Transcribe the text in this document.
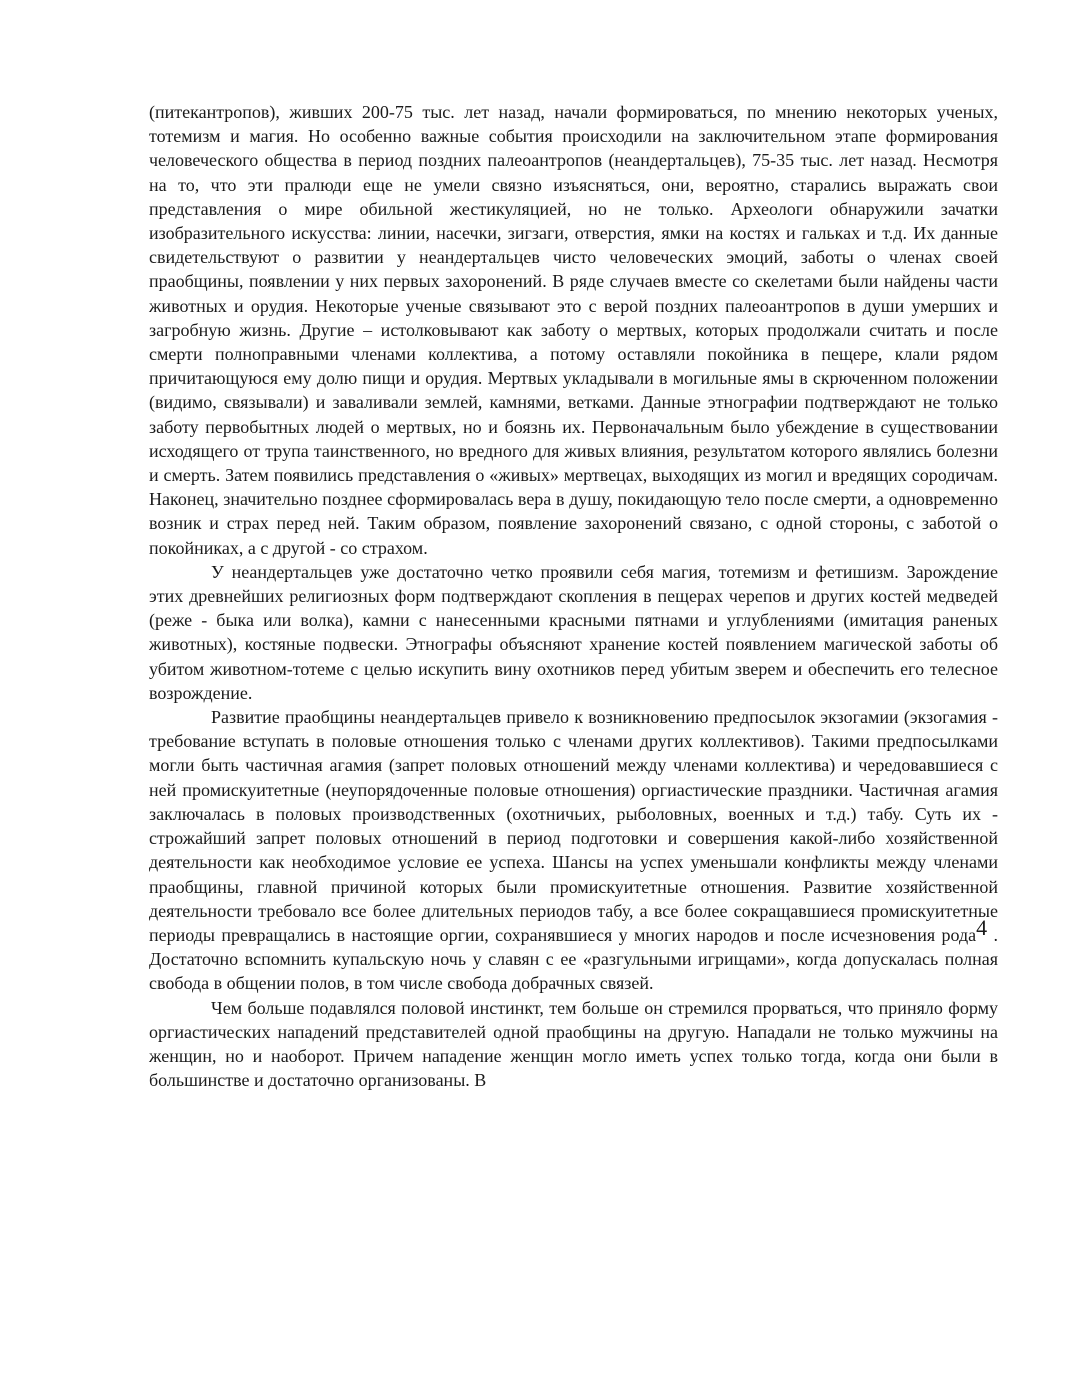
(питекантропов), живших 200-75 тыс. лет назад, начали формироваться, по мнению некоторых ученых, тотемизм и магия. Но особенно важные события происходили на заключительном этапе формирования человеческого общества в период поздних палеоантропов (неандертальцев), 75-35 тыс. лет назад. Несмотря на то, что эти пралюди еще не умели связно изъясняться, они, вероятно, старались выражать свои представления о мире обильной жестикуляцией, но не только. Археологи обнаружили зачатки изобразительного искусства: линии, насечки, зигзаги, отверстия, ямки на костях и гальках и т.д. Их данные свидетельствуют о развитии у неандертальцев чисто человеческих эмоций, заботы о членах своей праобщины, появлении у них первых захоронений. В ряде случаев вместе со скелетами были найдены части животных и орудия. Некоторые ученые связывают это с верой поздних палеоантропов в души умерших и загробную жизнь. Другие – истолковывают как заботу о мертвых, которых продолжали считать и после смерти полноправными членами коллектива, а потому оставляли покойника в пещере, клали рядом причитающуюся ему долю пищи и орудия. Мертвых укладывали в могильные ямы в скрюченном положении (видимо, связывали) и заваливали землей, камнями, ветками. Данные этнографии подтверждают не только заботу первобытных людей о мертвых, но и боязнь их. Первоначальным было убеждение в существовании исходящего от трупа таинственного, но вредного для живых влияния, результатом которого являлись болезни и смерть. Затем появились представления о «живых» мертвецах, выходящих из могил и вредящих сородичам. Наконец, значительно позднее сформировалась вера в душу, покидающую тело после смерти, а одновременно возник и страх перед ней. Таким образом, появление захоронений связано, с одной стороны, с заботой о покойниках, а с другой - со страхом.

У неандертальцев уже достаточно четко проявили себя магия, тотемизм и фетишизм. Зарождение этих древнейших религиозных форм подтверждают скопления в пещерах черепов и других костей медведей (реже - быка или волка), камни с нанесенными красными пятнами и углублениями (имитация раненых животных), костяные подвески. Этнографы объясняют хранение костей появлением магической заботы об убитом животном-тотеме с целью искупить вину охотников перед убитым зверем и обеспечить его телесное возрождение.

Развитие праобщины неандертальцев привело к возникновению предпосылок экзогамии (экзогамия - требование вступать в половые отношения только с членами других коллективов). Такими предпосылками могли быть частичная агамия (запрет половых отношений между членами коллектива) и чередовавшиеся с ней промискуитетные (неупорядоченные половые отношения) оргиастические праздники. Частичная агамия заключалась в половых производственных (охотничьих, рыболовных, военных и т.д.) табу. Суть их - строжайший запрет половых отношений в период подготовки и совершения какой-либо хозяйственной деятельности как необходимое условие ее успеха. Шансы на успех уменьшали конфликты между членами праобщины, главной причиной которых были промискуитетные отношения. Развитие хозяйственной деятельности требовало все более длительных периодов табу, а все более сокращавшиеся промискуитетные периоды превращались в настоящие оргии, сохранявшиеся у многих народов и после исчезновения рода4 . Достаточно вспомнить купальскую ночь у славян с ее «разгульными игрищами», когда допускалась полная свобода в общении полов, в том числе свобода добрачных связей.

Чем больше подавлялся половой инстинкт, тем больше он стремился прорваться, что приняло форму оргиастических нападений представителей одной праобщины на другую. Нападали не только мужчины на женщин, но и наоборот. Причем нападение женщин могло иметь успех только тогда, когда они были в большинстве и достаточно организованы. В
